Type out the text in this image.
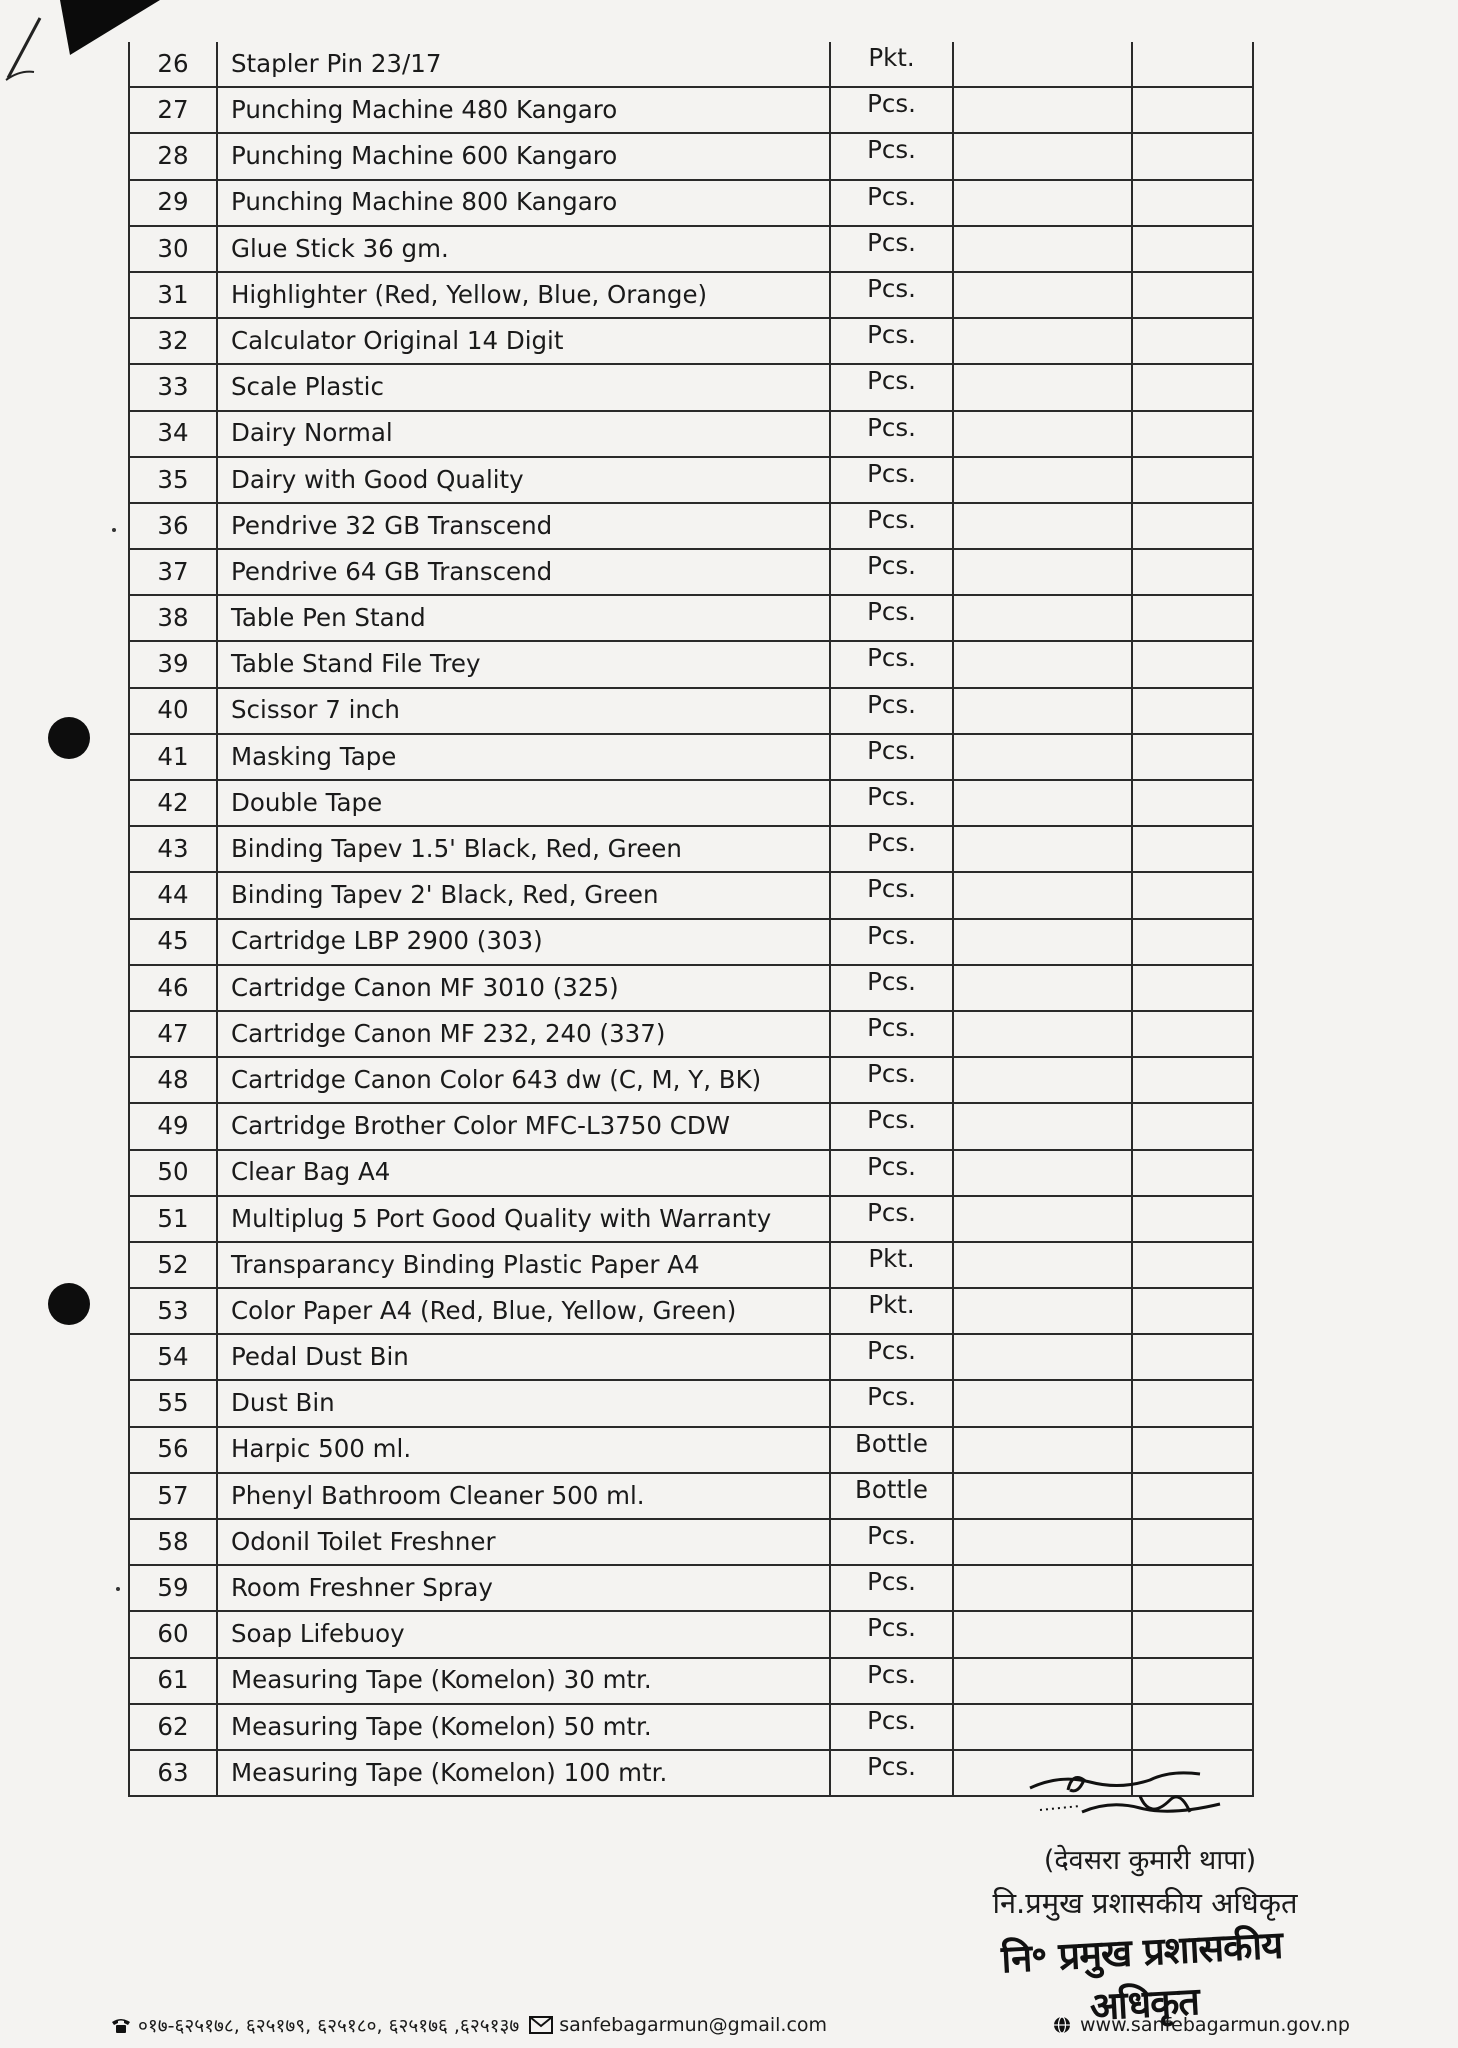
26	Stapler Pin 23/17	Pkt.		
27	Punching Machine 480 Kangaro	Pcs.		
28	Punching Machine 600 Kangaro	Pcs.		
29	Punching Machine 800 Kangaro	Pcs.		
30	Glue Stick 36 gm.	Pcs.		
31	Highlighter (Red, Yellow, Blue, Orange)	Pcs.		
32	Calculator Original 14 Digit	Pcs.		
33	Scale Plastic	Pcs.		
34	Dairy Normal	Pcs.		
35	Dairy with Good Quality	Pcs.		
36	Pendrive 32 GB Transcend	Pcs.		
37	Pendrive 64 GB Transcend	Pcs.		
38	Table Pen Stand	Pcs.		
39	Table Stand File Trey	Pcs.		
40	Scissor 7 inch	Pcs.		
41	Masking Tape	Pcs.		
42	Double Tape	Pcs.		
43	Binding Tapev 1.5' Black, Red, Green	Pcs.		
44	Binding Tapev 2' Black, Red, Green	Pcs.		
45	Cartridge LBP 2900 (303)	Pcs.		
46	Cartridge Canon MF 3010 (325)	Pcs.		
47	Cartridge Canon MF 232, 240 (337)	Pcs.		
48	Cartridge Canon Color 643 dw (C, M, Y, BK)	Pcs.		
49	Cartridge Brother Color MFC-L3750 CDW	Pcs.		
50	Clear Bag A4	Pcs.		
51	Multiplug 5 Port Good Quality with Warranty	Pcs.		
52	Transparancy Binding Plastic Paper A4	Pkt.		
53	Color Paper A4 (Red, Blue, Yellow, Green)	Pkt.		
54	Pedal Dust Bin	Pcs.		
55	Dust Bin	Pcs.		
56	Harpic 500 ml.	Bottle		
57	Phenyl Bathroom Cleaner 500 ml.	Bottle		
58	Odonil Toilet Freshner	Pcs.		
59	Room Freshner Spray	Pcs.		
60	Soap Lifebuoy	Pcs.		
61	Measuring Tape (Komelon) 30 mtr.	Pcs.		
62	Measuring Tape (Komelon) 50 mtr.	Pcs.		
63	Measuring Tape (Komelon) 100 mtr.	Pcs.		
(देवसरा कुमारी थापा)
नि.प्रमुख प्रशासकीय अधिकृत
नि॰ प्रमुख प्रशासकीय अधिकृत
०१७-६२५१७८, ६२५१७९, ६२५१८०, ६२५१७६ ,६२५१३७ sanfebagarmun@gmail.com	www.sanfebagarmun.gov.np
